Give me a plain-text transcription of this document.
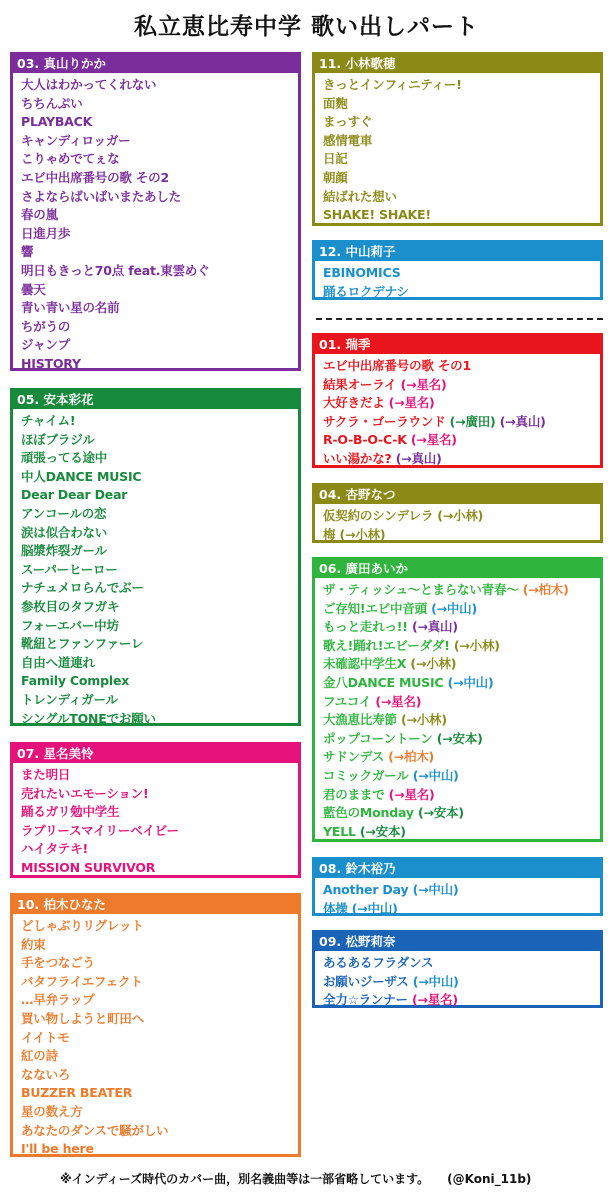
私立恵比寿中学 歌い出しパート
03. 真山りかか
大人はわかってくれない
ちちんぷい
PLAYBACK
キャンディロッガー
こりゃめでてぇな
エビ中出席番号の歌 その2
さよならばいばいまたあした
春の嵐
日進月歩
響
明日もきっと70点 feat.東雲めぐ
曇天
青い青い星の名前
ちがうの
ジャンプ
HISTORY
05. 安本彩花
チャイム!
ほぼブラジル
頑張ってる途中
中人DANCE MUSIC
Dear Dear Dear
アンコールの恋
涙は似合わない
脳漿炸裂ガール
スーパーヒーロー
ナチュメロらんでぶー
参枚目のタフガキ
フォーエバー中坊
靴紐とファンファーレ
自由へ道連れ
Family Complex
トレンディガール
シングルTONEでお願い
07. 星名美怜
また明日
売れたいエモーション!
踊るガリ勉中学生
ラブリースマイリーベイビー
ハイタテキ!
MISSION SURVIVOR
10. 柏木ひなた
どしゃぶりリグレット
約束
手をつなごう
バタフライエフェクト
…早弁ラップ
買い物しようと町田へ
イイトモ
紅の詩
なないろ
BUZZER BEATER
星の数え方
あなたのダンスで騒がしい
I'll be here
11. 小林歌穂
きっとインフィニティー!
面麭
まっすぐ
感情電車
日記
朝顔
結ばれた想い
SHAKE! SHAKE!
12. 中山莉子
EBINOMICS
踊るロクデナシ
01. 瑞季
エビ中出席番号の歌 その1
結果オーライ (→星名)
大好きだよ (→星名)
サクラ・ゴーラウンド (→廣田) (→真山)
R-O-B-O-C-K (→星名)
いい湯かな? (→真山)
04. 杏野なつ
仮契約のシンデレラ (→小林)
梅 (→小林)
06. 廣田あいか
ザ・ティッシュ～とまらない青春～ (→柏木)
ご存知!エビ中音頭 (→中山)
もっと走れっ!! (→真山)
歌え!踊れ!エビーダダ! (→小林)
未確認中学生X (→小林)
金八DANCE MUSIC (→中山)
フユコイ (→星名)
大漁恵比寿節 (→小林)
ポップコーントーン (→安本)
サドンデス (→柏木)
コミックガール (→中山)
君のままで (→星名)
藍色のMonday (→安本)
YELL (→安本)
08. 鈴木裕乃
Another Day (→中山)
体操 (→中山)
09. 松野莉奈
あるあるフラダンス
お願いジーザス (→中山)
全力☆ランナー (→星名)
※インディーズ時代のカバー曲，別名義曲等は一部省略しています。 (@Koni_11b)
